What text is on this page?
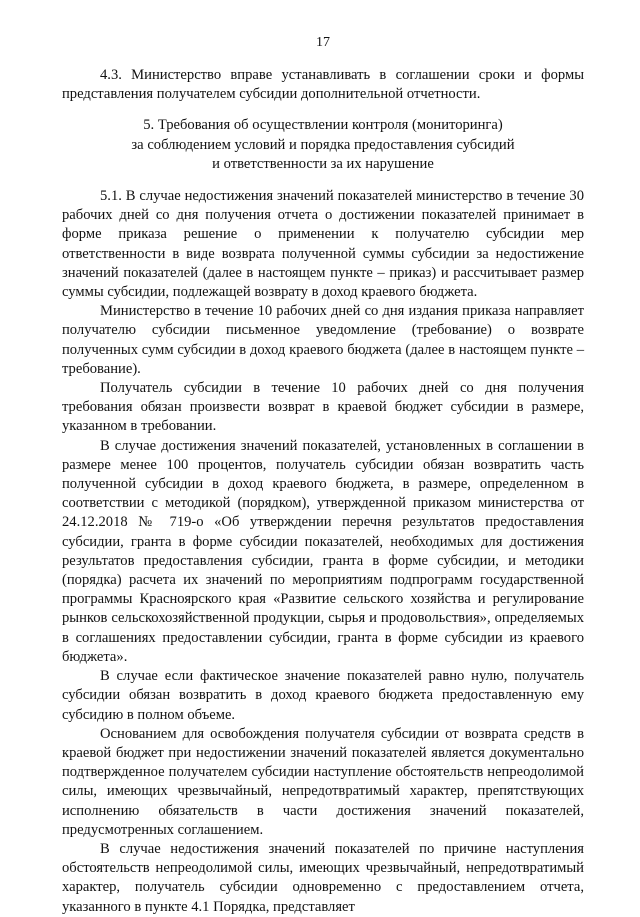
17

4.3. Министерство вправе устанавливать в соглашении сроки и формы представления получателем субсидии дополнительной отчетности.

5. Требования об осуществлении контроля (мониторинга)
за соблюдением условий и порядка предоставления субсидий
и ответственности за их нарушение

5.1. В случае недостижения значений показателей министерство в течение 30 рабочих дней со дня получения отчета о достижении показателей принимает в форме приказа решение о применении к получателю субсидии мер ответственности в виде возврата полученной суммы субсидии за недостижение значений показателей (далее в настоящем пункте – приказ) и рассчитывает размер суммы субсидии, подлежащей возврату в доход краевого бюджета.

Министерство в течение 10 рабочих дней со дня издания приказа направляет получателю субсидии письменное уведомление (требование) о возврате полученных сумм субсидии в доход краевого бюджета (далее в настоящем пункте – требование).

Получатель субсидии в течение 10 рабочих дней со дня получения требования обязан произвести возврат в краевой бюджет субсидии в размере, указанном в требовании.

В случае достижения значений показателей, установленных в соглашении в размере менее 100 процентов, получатель субсидии обязан возвратить часть полученной субсидии в доход краевого бюджета, в размере, определенном в соответствии с методикой (порядком), утвержденной приказом министерства от 24.12.2018 № 719-о «Об утверждении перечня результатов предоставления субсидии, гранта в форме субсидии показателей, необходимых для достижения результатов предоставления субсидии, гранта в форме субсидии, и методики (порядка) расчета их значений по мероприятиям подпрограмм государственной программы Красноярского края «Развитие сельского хозяйства и регулирование рынков сельскохозяйственной продукции, сырья и продовольствия», определяемых в соглашениях предоставлении субсидии, гранта в форме субсидии из краевого бюджета».

В случае если фактическое значение показателей равно нулю, получатель субсидии обязан возвратить в доход краевого бюджета предоставленную ему субсидию в полном объеме.

Основанием для освобождения получателя субсидии от возврата средств в краевой бюджет при недостижении значений показателей является документально подтвержденное получателем субсидии наступление обстоятельств непреодолимой силы, имеющих чрезвычайный, непредотвратимый характер, препятствующих исполнению обязательств в части достижения значений показателей, предусмотренных соглашением.

В случае недостижения значений показателей по причине наступления обстоятельств непреодолимой силы, имеющих чрезвычайный, непредотвратимый характер, получатель субсидии одновременно с предоставлением отчета, указанного в пункте 4.1 Порядка, представляет
